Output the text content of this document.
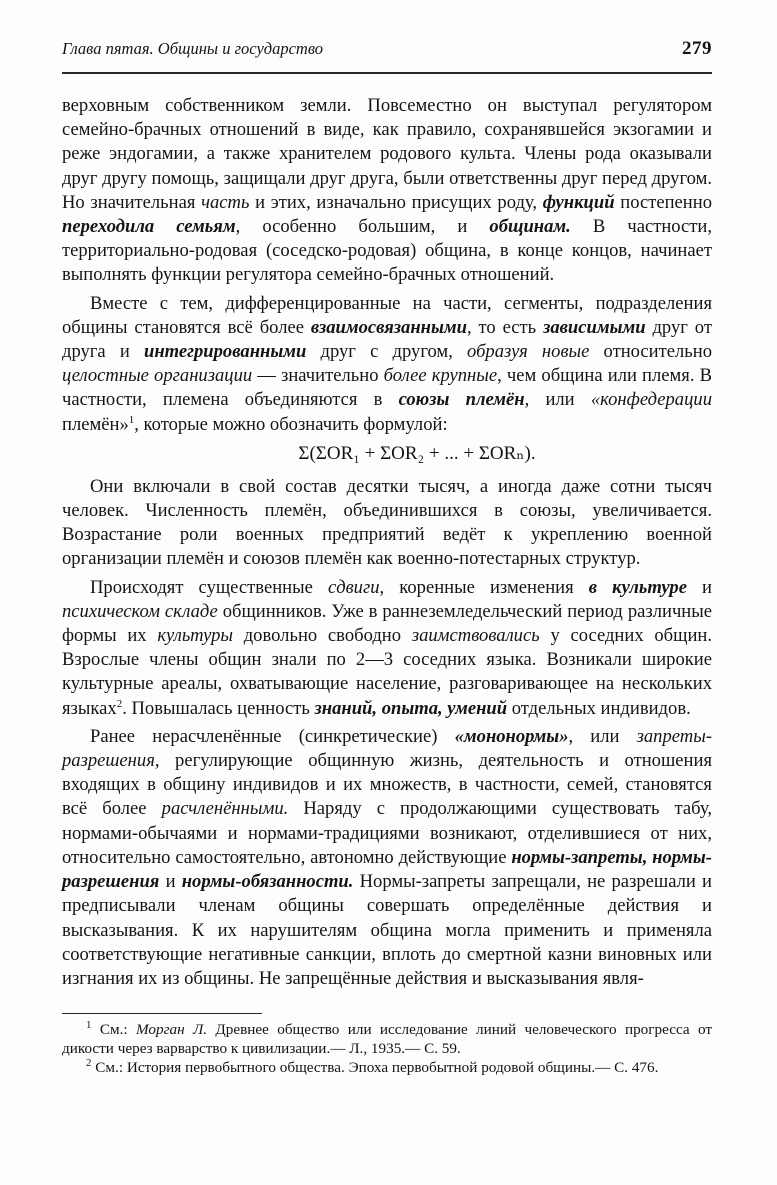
Глава пятая. Общины и государство	279

верховным собственником земли. Повсеместно он выступал регулятором семейно-брачных отношений в виде, как правило, сохранявшейся экзогамии и реже эндогамии, а также хранителем родового культа. Члены рода оказывали друг другу помощь, защищали друг друга, были ответственны друг перед другом. Но значительная часть и этих, изначально присущих роду, функций постепенно переходила семьям, особенно большим, и общинам. В частности, территориально-родовая (соседско-родовая) община, в конце концов, начинает выполнять функции регулятора семейно-брачных отношений.

Вместе с тем, дифференцированные на части, сегменты, подразделения общины становятся всё более взаимосвязанными, то есть зависимыми друг от друга и интегрированными друг с другом, образуя новые относительно целостные организации — значительно более крупные, чем община или племя. В частности, племена объединяются в союзы племён, или «конфедерации племён»$^1$, которые можно обозначить формулой:

Σ(ΣOR₁ + ΣOR₂ + ... + ΣORₙ).

Они включали в свой состав десятки тысяч, а иногда даже сотни тысяч человек. Численность племён, объединившихся в союзы, увеличивается. Возрастание роли военных предприятий ведёт к укреплению военной организации племён и союзов племён как военно-потестарных структур.

Происходят существенные сдвиги, коренные изменения в культуре и психическом складе общинников. Уже в раннеземледельческий период различные формы их культуры довольно свободно заимствовались у соседних общин. Взрослые члены общин знали по 2—3 соседних языка. Возникали широкие культурные ареалы, охватывающие население, разговаривающее на нескольких языках$^2$. Повышалась ценность знаний, опыта, умений отдельных индивидов.

Ранее нерасчленённые (синкретические) «мононормы», или запреты-разрешения, регулирующие общинную жизнь, деятельность и отношения входящих в общину индивидов и их множеств, в частности, семей, становятся всё более расчленёнными. Наряду с продолжающими существовать табу, нормами-обычаями и нормами-традициями возникают, отделившиеся от них, относительно самостоятельно, автономно действующие нормы-запреты, нормы-разрешения и нормы-обязанности. Нормы-запреты запрещали, не разрешали и предписывали членам общины совершать определённые действия и высказывания. К их нарушителям община могла применить и применяла соответствующие негативные санкции, вплоть до смертной казни виновных или изгнания их из общины. Не запрещённые действия и высказывания явля-

$^1$ См.: Морган Л. Древнее общество или исследование линий человеческого прогресса от дикости через варварство к цивилизации.— Л., 1935.— С. 59.

$^2$ См.: История первобытного общества. Эпоха первобытной родовой общины.— С. 476.
